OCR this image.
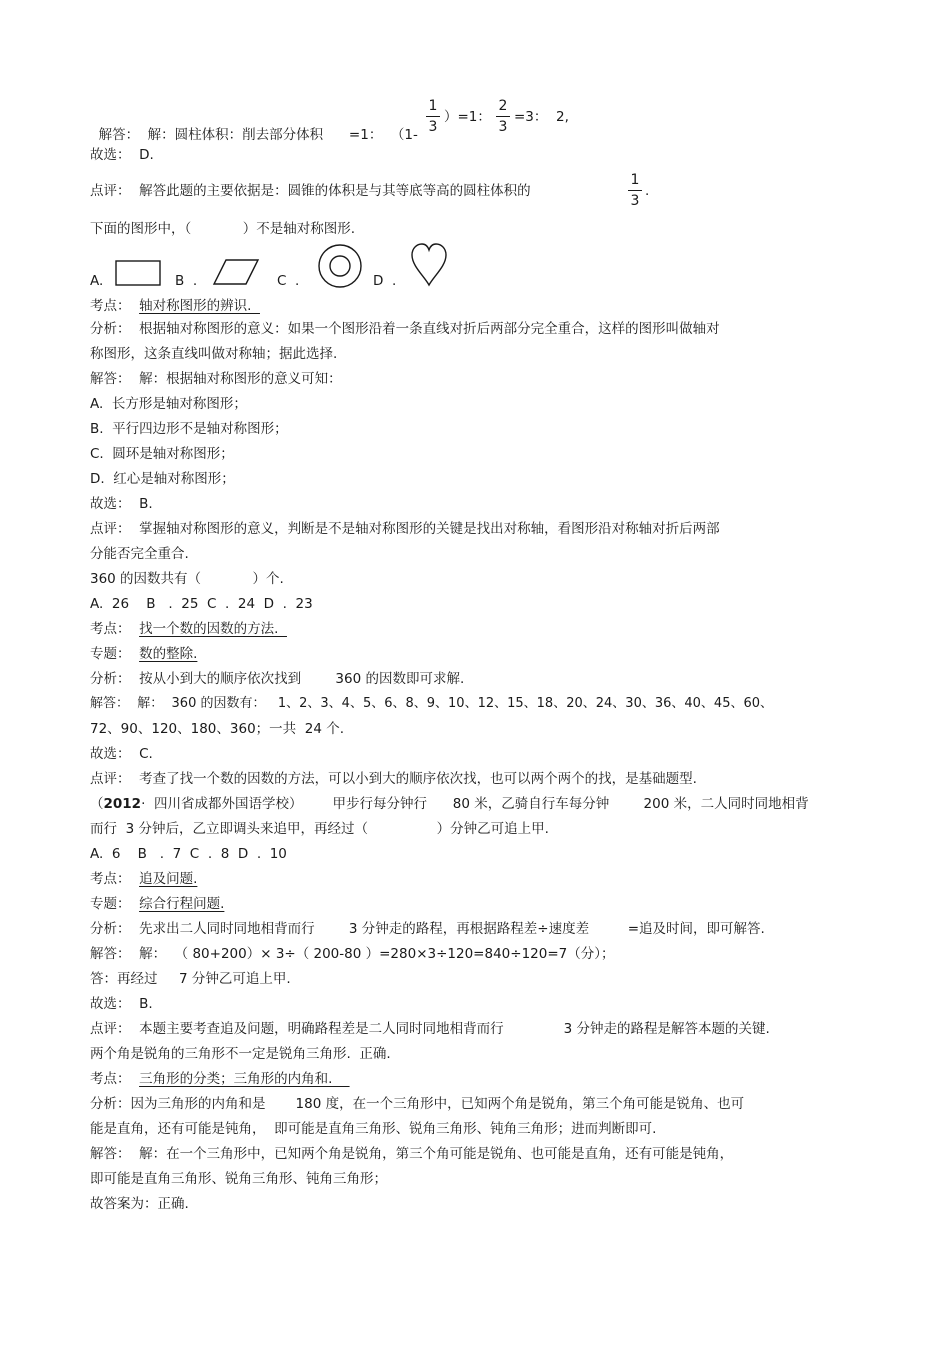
解答：  解：圆柱体积：削去部分体积      =1：  （1-

1
3
）=1：
2
3
=3：  2,
故选：  D.
点评：  解答此题的主要依据是：圆锥的体积是与其等底等高的圆柱体积的
1
3
.
下面的图形中，（            ）不是轴对称图形.
A.	B  .	C  .	D  .
考点：  轴对称图形的辨识.
分析：  根据轴对称图形的意义：如果一个图形沿着一条直线对折后两部分完全重合，这样的图形叫做轴对
称图形，这条直线叫做对称轴；据此选择.
解答：  解：根据轴对称图形的意义可知：
A.  长方形是轴对称图形；
B.  平行四边形不是轴对称图形；
C.  圆环是轴对称图形；
D.  红心是轴对称图形；
故选：  B.
点评：  掌握轴对称图形的意义，判断是不是轴对称图形的关键是找出对称轴，看图形沿对称轴对折后两部
分能否完全重合.
360 的因数共有（            ）个.
A.  26    B   .  25  C  .  24  D  .  23
考点：  找一个数的因数的方法.
专题：  数的整除.
分析：  按从小到大的顺序依次找到        360 的因数即可求解.
解答：  解：  360 的因数有：   1、2、3、4、5、6、8、9、10、12、15、18、20、24、30、36、40、45、60、
72、90、120、180、360；一共  24 个.
故选：  C.
点评：  考查了找一个数的因数的方法，可以小到大的顺序依次找，也可以两个两个的找，是基础题型.
（2012·  四川省成都外国语学校）       甲步行每分钟行      80 米，乙骑自行车每分钟        200 米，二人同时同地相背
而行  3 分钟后，乙立即调头来追甲，再经过（                ）分钟乙可追上甲.
A.  6    B   .  7  C  .  8  D  .  10
考点：  追及问题.
专题：  综合行程问题.
分析：  先求出二人同时同地相背而行        3 分钟走的路程，再根据路程差÷速度差         =追及时间，即可解答.
解答：  解：  （ 80+200）× 3÷（ 200-80 ）=280×3÷120=840÷120=7（分）；
答：再经过     7 分钟乙可追上甲.
故选：  B.
点评：  本题主要考查追及问题，明确路程差是二人同时同地相背而行              3 分钟走的路程是解答本题的关键.
两个角是锐角的三角形不一定是锐角三角形.  正确.
考点：  三角形的分类；三角形的内角和.
分析：因为三角形的内角和是       180 度，在一个三角形中，已知两个角是锐角，第三个角可能是锐角、也可
能是直角，还有可能是钝角，  即可能是直角三角形、锐角三角形、钝角三角形；进而判断即可.
解答：  解：在一个三角形中，已知两个角是锐角，第三个角可能是锐角、也可能是直角，还有可能是钝角，
即可能是直角三角形、锐角三角形、钝角三角形；
故答案为：正确.
